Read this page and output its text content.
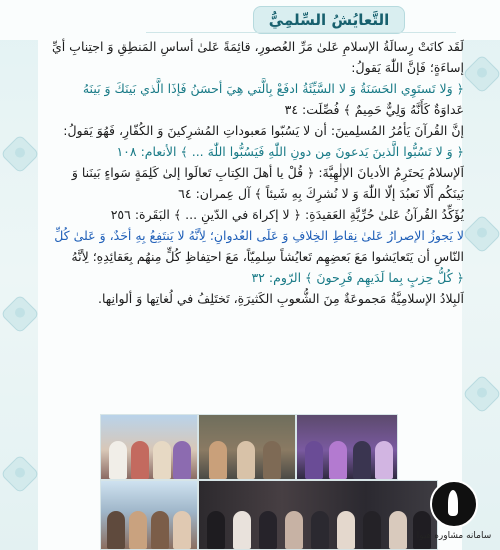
التَّعايُشُ السِّلمِيُّ
لَقَد كانَتْ رِسالَةُ الإسلامِ عَلىٰ مَرِّ العُصورِ، قائِمَةً عَلىٰ أساسِ المَنطِقِ وَ اجتِنابِ أيِّ
إساءَةٍ؛ فَإنَّ اللّٰهَ يَقولُ:
﴿ وَلا تَستَوِي الحَسَنَةُ وَ لا السَّيِّئَةُ ادفَعْ بِالَّتي هِيَ أحسَنُ فَإذَا الَّذي بَينَكَ وَ بَينَهُ
عَداوَةٌ كَأَنَّهُ وَلِيٌّ حَمِيمٌ ﴾ فُصِّلَت: ٣٤
إنَّ القُرآنَ يَأمُرُ المُسلِمينَ: أن لا يَسُبّوا مَعبوداتِ المُشرِكينَ وَ الكُفّارِ، فَهُوَ يَقولُ:
﴿ وَ لا تَسُبُّوا الَّذينَ يَدعونَ مِن دونِ اللّٰهِ فَيَسُبُّوا اللّٰهَ ... ﴾ الأنعام: ١٠٨
اَلإسلامُ يَحتَرِمُ الأديانَ الإلٰهِيَّةَ: ﴿ قُلْ يا أهلَ الكِتابِ تَعالَوا إلىٰ كَلِمَةٍ سَواءٍ بَينَنا وَ
بَينَكُم أَلّا نَعبُدَ إلّا اللّٰهَ وَ لا نُشرِكَ بِهِ شَيئاً ﴾ آل عِمران: ٦٤
يُؤَكِّدُ القُرآنُ عَلىٰ حُرِّيَّةِ العَقيدَةِ: ﴿ لا إكراهَ في الدّينِ ... ﴾ البَقَرة: ٢٥٦
لا يَجوزُ الإصرارُ عَلىٰ نِقاطِ الخِلافِ وَ عَلَى العُدوانِ؛ لِأنَّهُ لا يَنتَفِعُ بِهِ أحَدٌ، وَ عَلىٰ كُلِّ
النّاسِ أن يَتَعايَشوا مَعَ بَعضِهِم تَعايُشاً سِلمِيّاً، مَعَ احتِفاظِ كُلٍّ مِنهُم بِعَقائِدِهِ؛ لِأنَّهُ
﴿ كُلُّ حِزبٍ بِما لَدَيهِم فَرِحونَ ﴾ الرّوم: ٣٢
اَلبِلادُ الإسلامِيَّةُ مَجموعَةٌ مِنَ الشُّعوبِ الكَثيرَةِ، تَختَلِفُ في لُغاتِها وَ ألوانِها.
سامانه مشاوره هیوا
